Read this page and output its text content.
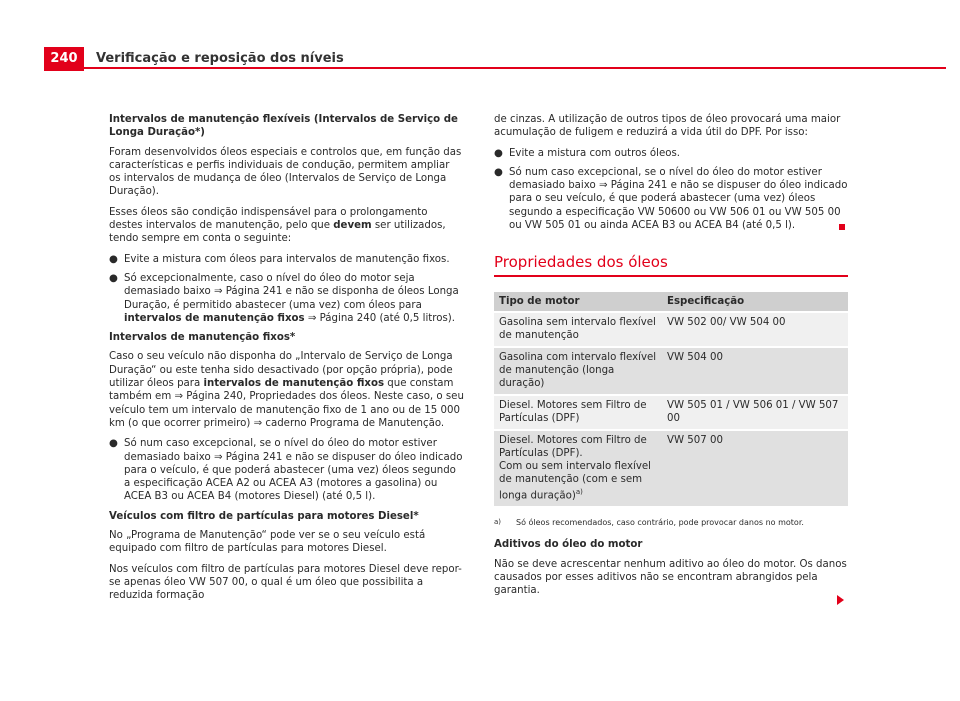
240	Verificação e reposição dos níveis

Intervalos de manutenção flexíveis (Intervalos de Serviço de Longa Duração*)

Foram desenvolvidos óleos especiais e controlos que, em função das características e perfis individuais de condução, permitem ampliar os intervalos de mudança de óleo (Intervalos de Serviço de Longa Duração).

Esses óleos são condição indispensável para o prolongamento destes intervalos de manutenção, pelo que devem ser utilizados, tendo sempre em conta o seguinte:

● Evite a mistura com óleos para intervalos de manutenção fixos.
● Só excepcionalmente, caso o nível do óleo do motor seja demasiado baixo ⇒ Página 241 e não se disponha de óleos Longa Duração, é permitido abastecer (uma vez) com óleos para intervalos de manutenção fixos ⇒ Página 240 (até 0,5 litros).

Intervalos de manutenção fixos*

Caso o seu veículo não disponha do „Intervalo de Serviço de Longa Duração“ ou este tenha sido desactivado (por opção própria), pode utilizar óleos para intervalos de manutenção fixos que constam também em ⇒ Página 240, Propriedades dos óleos. Neste caso, o seu veículo tem um intervalo de manutenção fixo de 1 ano ou de 15 000 km (o que ocorrer primeiro) ⇒ caderno Programa de Manutenção.

● Só num caso excepcional, se o nível do óleo do motor estiver demasiado baixo ⇒ Página 241 e não se dispuser do óleo indicado para o veículo, é que poderá abastecer (uma vez) óleos segundo a especificação ACEA A2 ou ACEA A3 (motores a gasolina) ou ACEA B3 ou ACEA B4 (motores Diesel) (até 0,5 l).

Veículos com filtro de partículas para motores Diesel*

No „Programa de Manutenção“ pode ver se o seu veículo está equipado com filtro de partículas para motores Diesel.

Nos veículos com filtro de partículas para motores Diesel deve repor-se apenas óleo VW 507 00, o qual é um óleo que possibilita a reduzida formação

de cinzas. A utilização de outros tipos de óleo provocará uma maior acumulação de fuligem e reduzirá a vida útil do DPF. Por isso:

● Evite a mistura com outros óleos.
● Só num caso excepcional, se o nível do óleo do motor estiver demasiado baixo ⇒ Página 241 e não se dispuser do óleo indicado para o seu veículo, é que poderá abastecer (uma vez) óleos segundo a especificação VW 50600 ou VW 506 01 ou VW 505 00 ou VW 505 01 ou ainda ACEA B3 ou ACEA B4 (até 0,5 l).
Propriedades dos óleos
Tipo de motor	Especificação

Gasolina sem intervalo flexível de manutenção	VW 502 00/ VW 504 00

Gasolina com intervalo flexível de manutenção (longa duração)	VW 504 00

Diesel. Motores sem Filtro de Partículas (DPF)	VW 505 01 / VW 506 01 / VW 507 00

Diesel. Motores com Filtro de Partículas (DPF).
Com ou sem intervalo flexível de manutenção (com e sem longa duração)$^{a)}$	VW 507 00
a)	Só óleos recomendados, caso contrário, pode provocar danos no motor.

Aditivos do óleo do motor

Não se deve acrescentar nenhum aditivo ao óleo do motor. Os danos causados por esses aditivos não se encontram abrangidos pela garantia.
